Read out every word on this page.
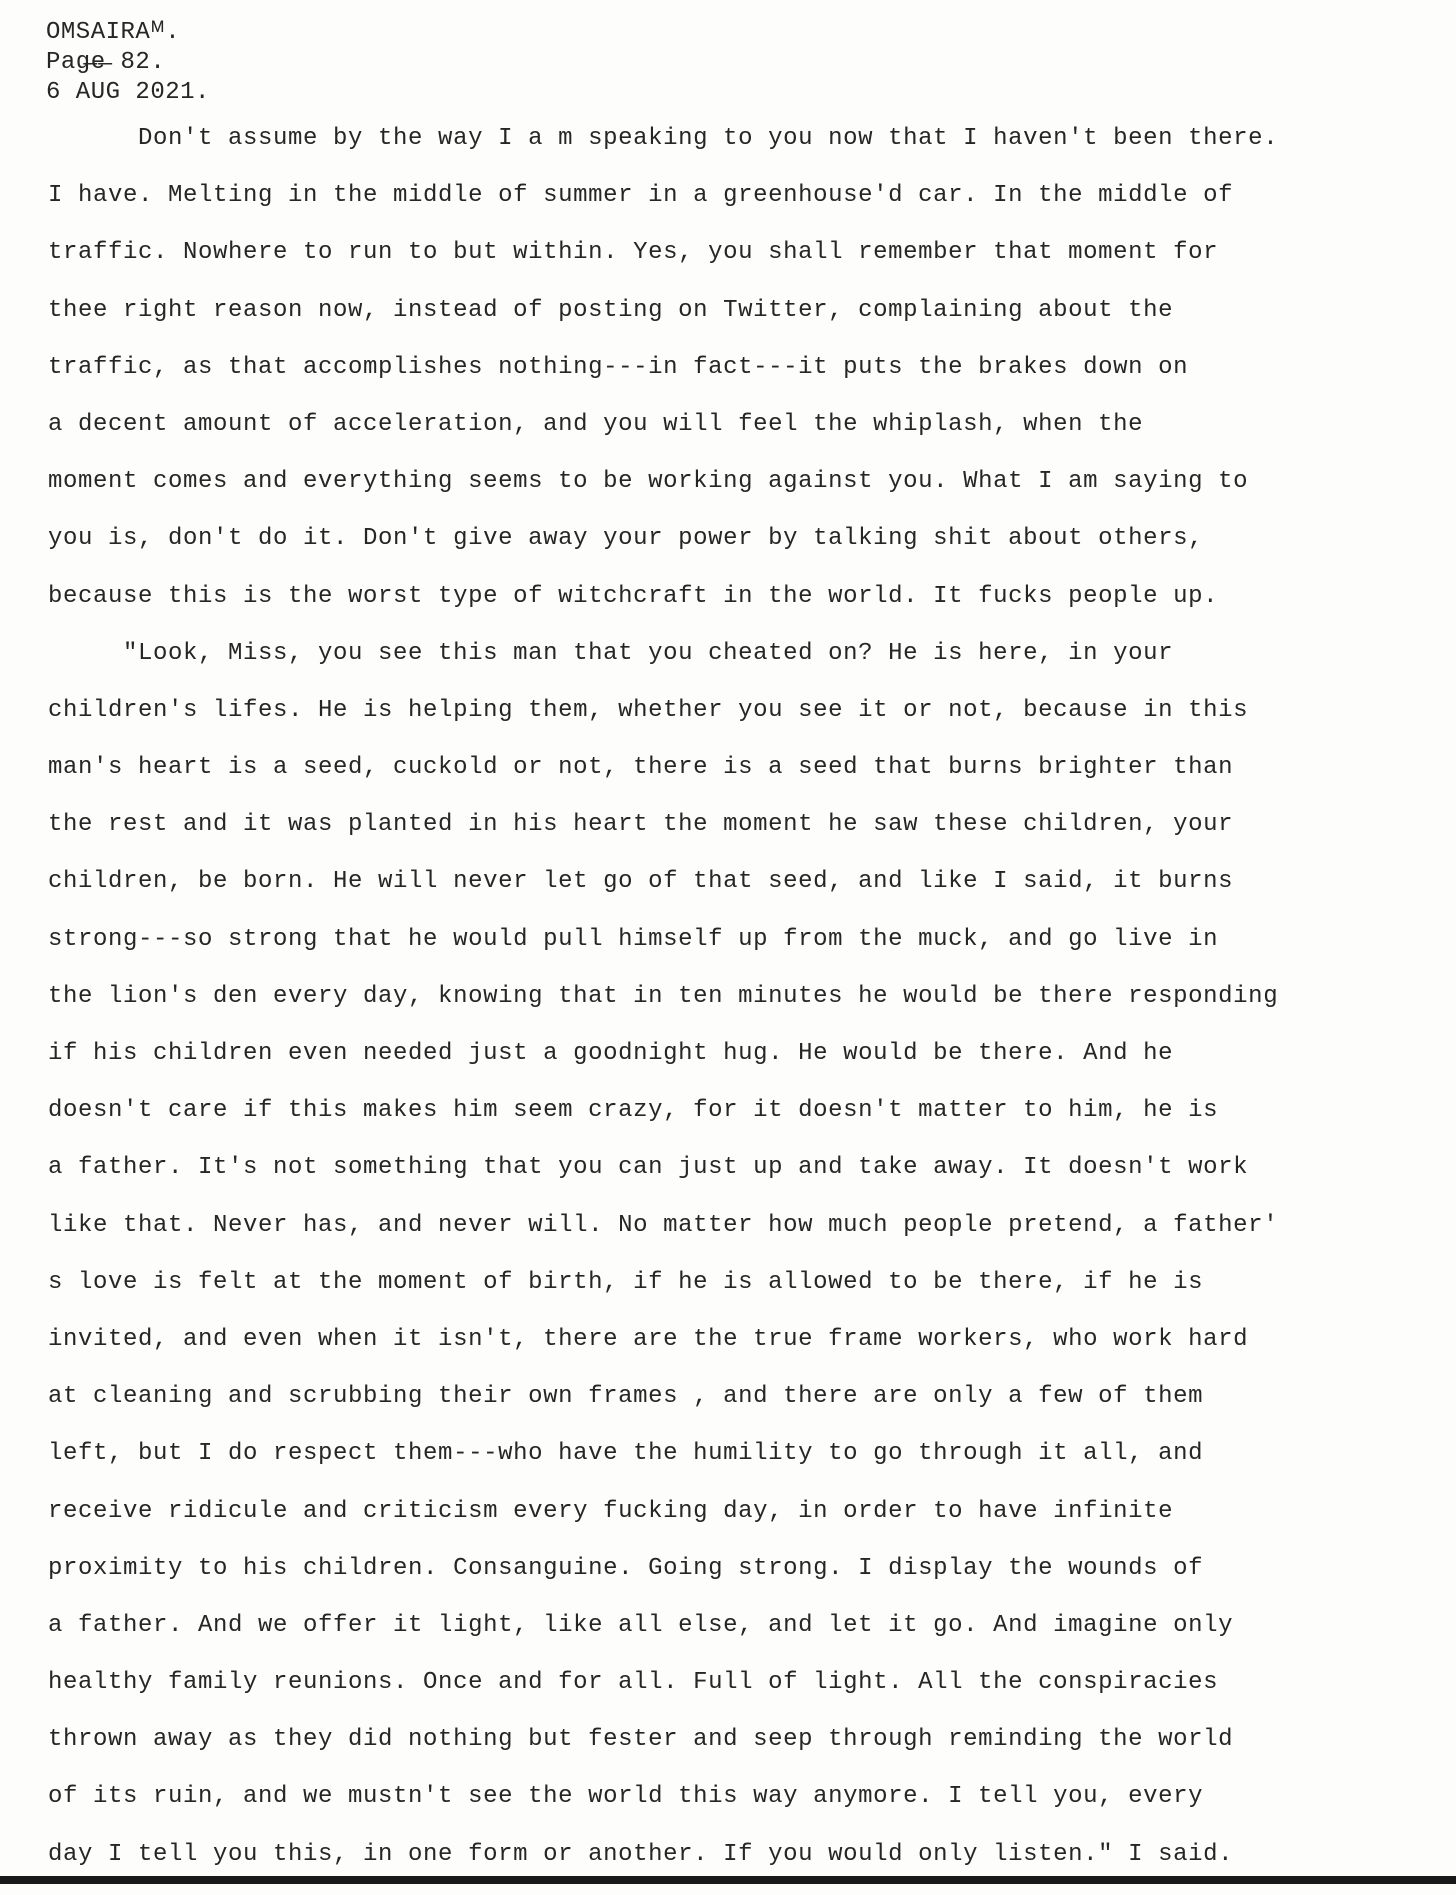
OMSAIRAᴹ.
Pag̶e̶ 82.
6 AUG 2021.
Don't assume by the way I a m speaking to you now that I haven't been there.
I have. Melting in the middle of summer in a greenhouse'd car. In the middle of
traffic. Nowhere to run to but within. Yes, you shall remember that moment for
thee right reason now, instead of posting on Twitter, complaining about the
traffic, as that accomplishes nothing---in fact---it puts the brakes down on
a decent amount of acceleration, and you will feel the whiplash, when the
moment comes and everything seems to be working against you. What I am saying to
you is, don't do it. Don't give away your power by talking shit about others,
because this is the worst type of witchcraft in the world. It fucks people up.
"Look, Miss, you see this man that you cheated on? He is here, in your
children's lifes. He is helping them, whether you see it or not, because in this
man's heart is a seed, cuckold or not, there is a seed that burns brighter than
the rest and it was planted in his heart the moment he saw these children, your
children, be born. He will never let go of that seed, and like I said, it burns
strong---so strong that he would pull himself up from the muck, and go live in
the lion's den every day, knowing that in ten minutes he would be there responding
if his children even needed just a goodnight hug. He would be there. And he
doesn't care if this makes him seem crazy, for it doesn't matter to him, he is
a father. It's not something that you can just up and take away. It doesn't work
like that. Never has, and never will. No matter how much people pretend, a father'
s love is felt at the moment of birth, if he is allowed to be there, if he is
invited, and even when it isn't, there are the true frame workers, who work hard
at cleaning and scrubbing their own frames , and there are only a few of them
left, but I do respect them---who have the humility to go through it all, and
receive ridicule and criticism every fucking day, in order to have infinite
proximity to his children. Consanguine. Going strong. I display the wounds of
a father. And we offer it light, like all else, and let it go. And imagine only
healthy family reunions. Once and for all. Full of light. All the conspiracies
thrown away as they did nothing but fester and seep through reminding the world
of its ruin, and we mustn't see the world this way anymore. I tell you, every
day I tell you this, in one form or another. If you would only listen." I said.
